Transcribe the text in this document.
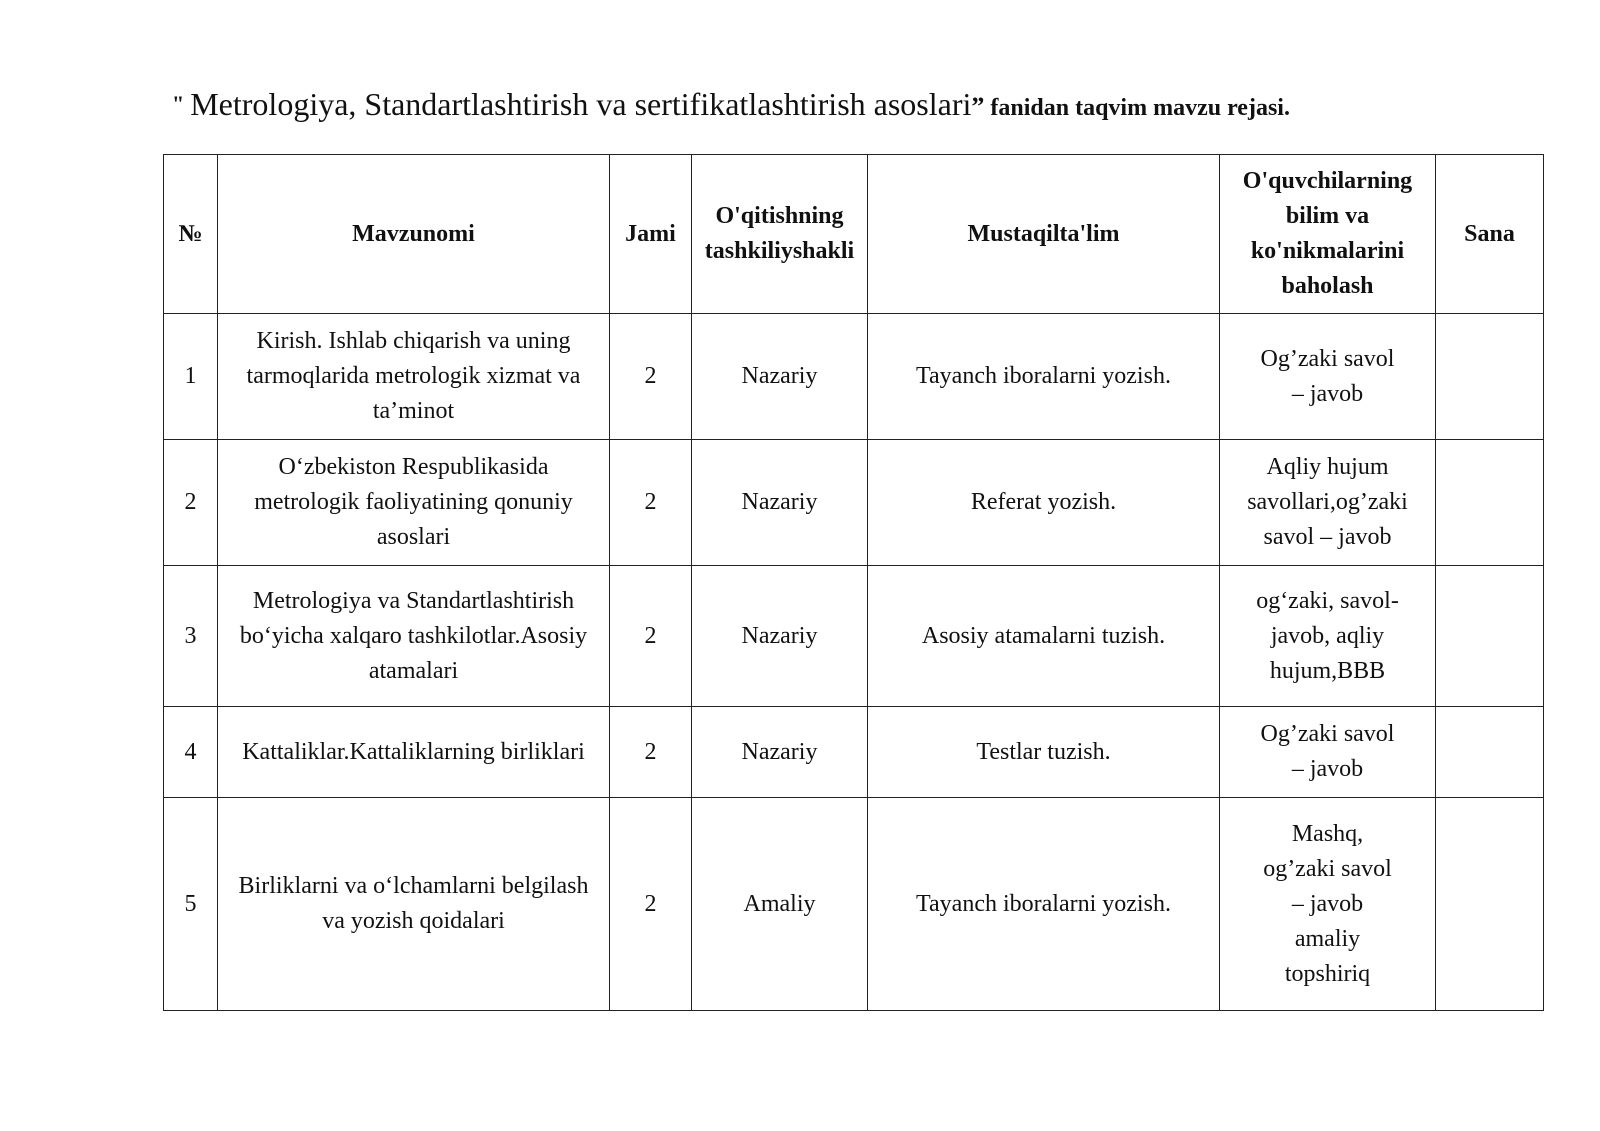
" Metrologiya, Standartlashtirish va sertifikatlashtirish asoslari” fanidan taqvim mavzu rejasi.
№	Mavzunomi	Jami	O'qitishning tashkiliyshakli	Mustaqilta'lim	O'quvchilarning bilim va ko'nikmalarini baholash	Sana
1	Kirish. Ishlab chiqarish va uning tarmoqlarida metrologik xizmat va ta’minot	2	Nazariy	Tayanch iboralarni yozish.	Og’zaki savol – javob	
2	O‘zbekiston Respublikasida metrologik faoliyatining qonuniy asoslari	2	Nazariy	Referat yozish.	Aqliy hujum savollari,og’zaki savol – javob	
3	Metrologiya va Standartlashtirish bo‘yicha xalqaro tashkilotlar.Asosiy atamalari	2	Nazariy	Asosiy atamalarni tuzish.	og‘zaki, savol-javob, aqliy hujum,BBB	
4	Kattaliklar.Kattaliklarning birliklari	2	Nazariy	Testlar tuzish.	Og’zaki savol – javob	
5	Birliklarni va o‘lchamlarni belgilash va yozish qoidalari	2	Amaliy	Tayanch iboralarni yozish.	Mashq, og’zaki savol – javob amaliy topshiriq	
